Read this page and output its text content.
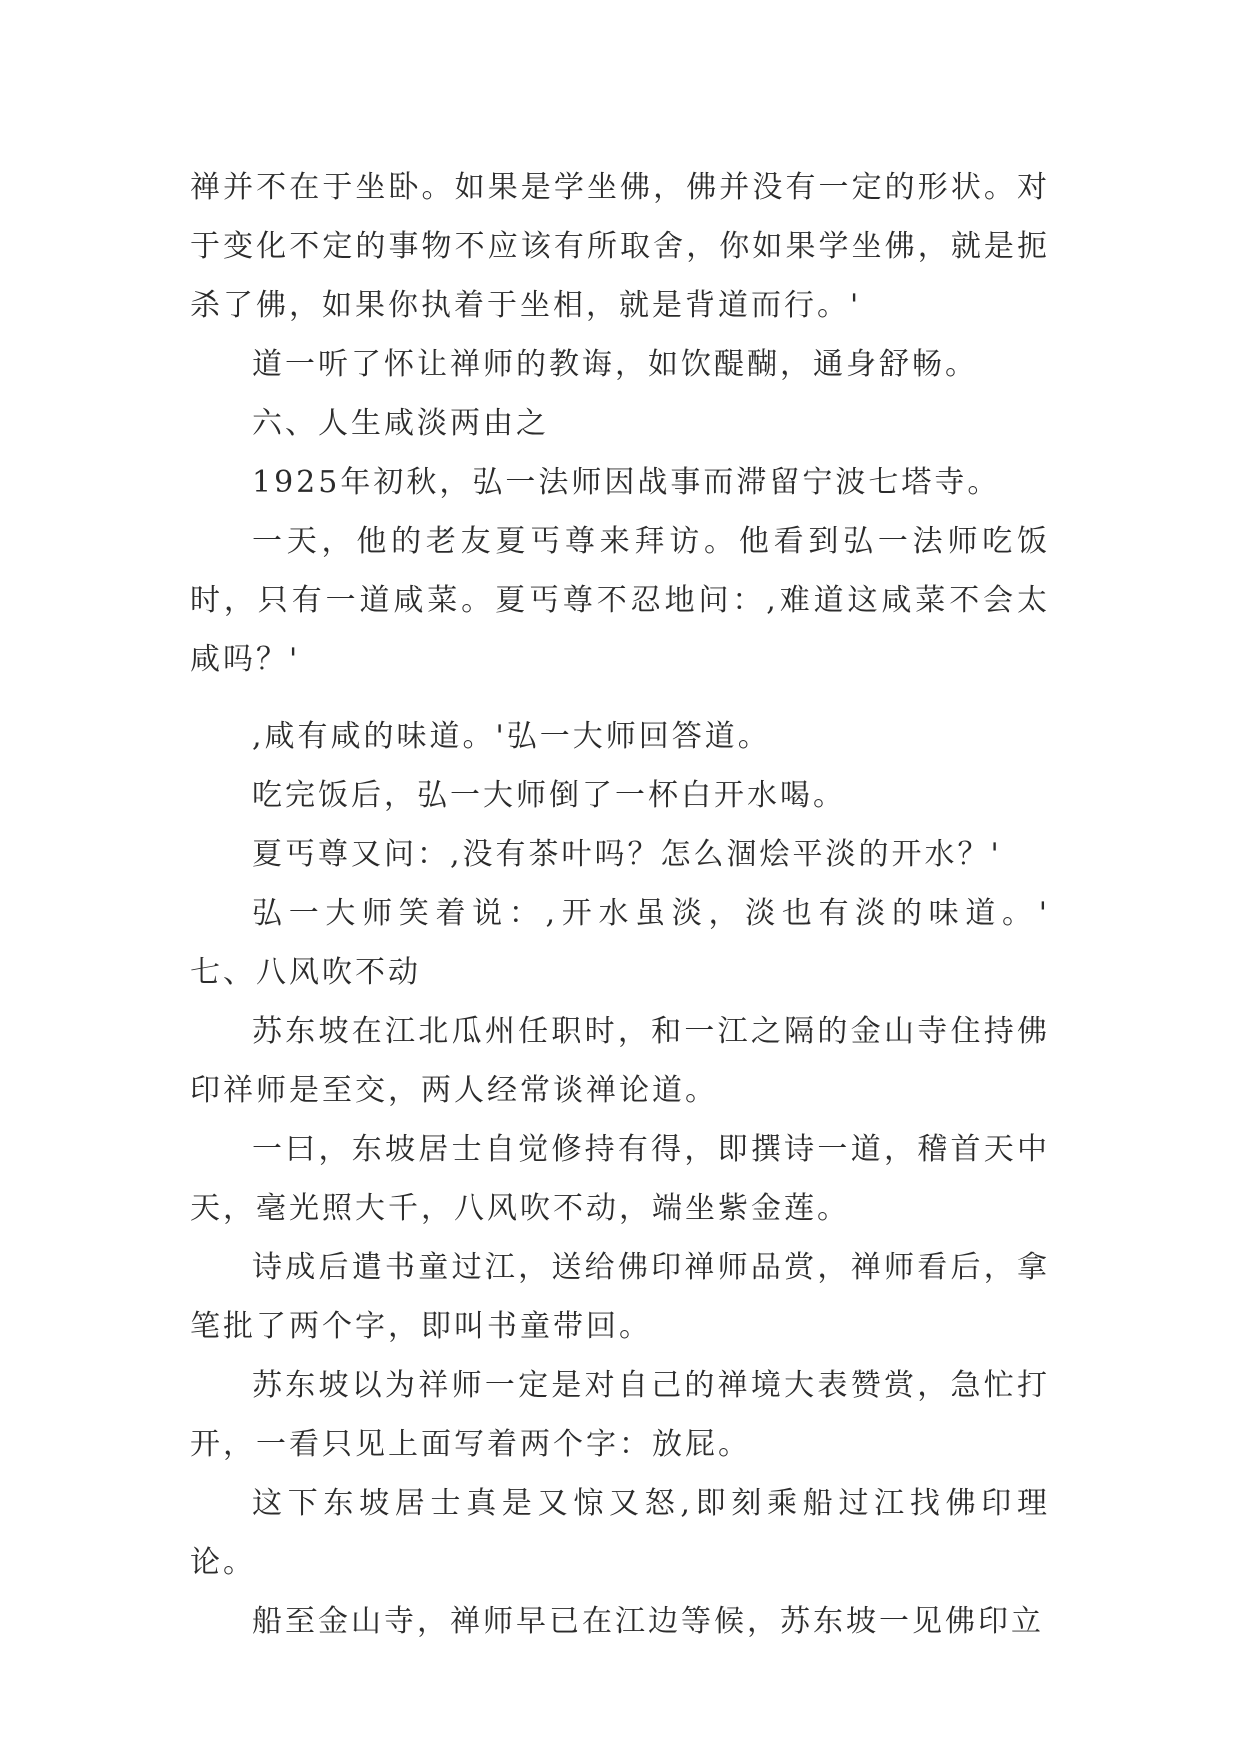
禅并不在于坐卧。如果是学坐佛，佛并没有一定的形状。对于变化不定的事物不应该有所取舍，你如果学坐佛，就是扼杀了佛，如果你执着于坐相，就是背道而行。'

道一听了怀让禅师的教诲，如饮醍醐，通身舒畅。

六、人生咸淡两由之

1925年初秋，弘一法师因战事而滞留宁波七塔寺。

一天，他的老友夏丐尊来拜访。他看到弘一法师吃饭时，只有一道咸菜。夏丐尊不忍地问：,难道这咸菜不会太咸吗？'

,咸有咸的味道。'弘一大师回答道。

吃完饭后，弘一大师倒了一杯白开水喝。

夏丐尊又问：,没有茶叶吗？怎么涸烩平淡的开水？'

弘一大师笑着说：,开水虽淡，淡也有淡的味道。'　七、八风吹不动

苏东坡在江北瓜州任职时，和一江之隔的金山寺住持佛印祥师是至交，两人经常谈禅论道。

一曰，东坡居士自觉修持有得，即撰诗一道，稽首天中天，毫光照大千，八风吹不动，端坐紫金莲。

诗成后遣书童过江，送给佛印禅师品赏，禅师看后，拿笔批了两个字，即叫书童带回。

苏东坡以为祥师一定是对自己的禅境大表赞赏，急忙打开，一看只见上面写着两个字：放屁。

这下东坡居士真是又惊又怒,即刻乘船过江找佛印理论。

船至金山寺，禅师早已在江边等候，苏东坡一见佛印立
